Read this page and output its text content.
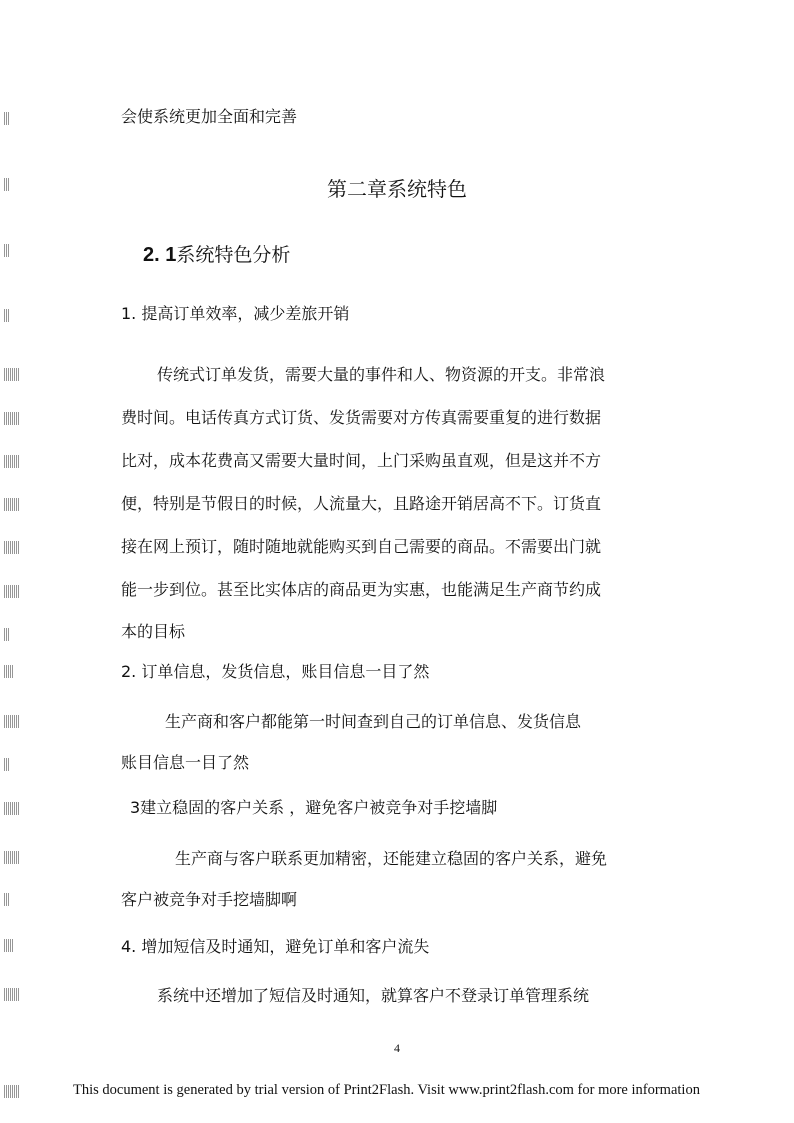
会使系统更加全面和完善
第二章系统特色
2. 1系统特色分析
1. 提高订单效率，减少差旅开销
传统式订单发货，需要大量的事件和人、物资源的开支。非常浪
费时间。电话传真方式订货、发货需要对方传真需要重复的进行数据
比对，成本花费高又需要大量时间，上门采购虽直观，但是这并不方
便，特别是节假日的时候，人流量大，且路途开销居高不下。订货直
接在网上预订，随时随地就能购买到自己需要的商品。不需要出门就
能一步到位。甚至比实体店的商品更为实惠，也能满足生产商节约成
本的目标
2. 订单信息，发货信息，账目信息一目了然
生产商和客户都能第一时间查到自己的订单信息、发货信息
账目信息一目了然
3建立稳固的客户关系 ，避免客户被竞争对手挖墙脚
生产商与客户联系更加精密，还能建立稳固的客户关系，避免
客户被竞争对手挖墙脚啊
4. 增加短信及时通知，避免订单和客户流失
系统中还增加了短信及时通知，就算客户不登录订单管理系统
4
This document is generated by trial version of Print2Flash. Visit www.print2flash.com for more information
